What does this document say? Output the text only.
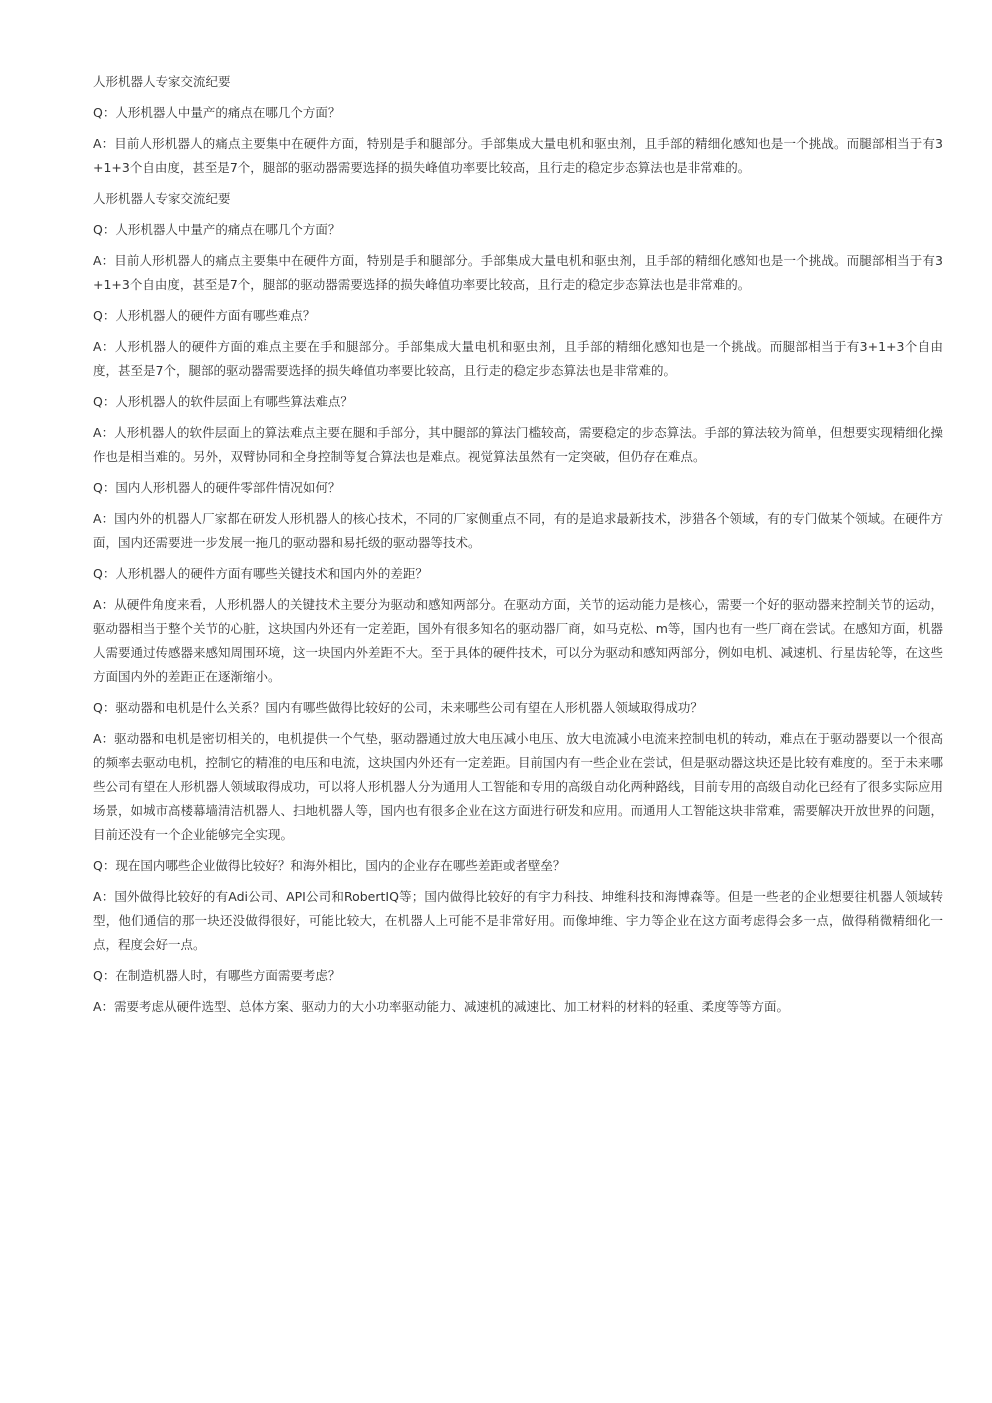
人形机器人专家交流纪要

Q：人形机器人中量产的痛点在哪几个方面？

A：目前人形机器人的痛点主要集中在硬件方面，特别是手和腿部分。手部集成大量电机和驱虫剂，且手部的精细化感知也是一个挑战。而腿部相当于有3+1+3个自由度，甚至是7个，腿部的驱动器需要选择的损失峰值功率要比较高，且行走的稳定步态算法也是非常难的。

人形机器人专家交流纪要

Q：人形机器人中量产的痛点在哪几个方面？

A：目前人形机器人的痛点主要集中在硬件方面，特别是手和腿部分。手部集成大量电机和驱虫剂，且手部的精细化感知也是一个挑战。而腿部相当于有3+1+3个自由度，甚至是7个，腿部的驱动器需要选择的损失峰值功率要比较高，且行走的稳定步态算法也是非常难的。

Q：人形机器人的硬件方面有哪些难点？

A：人形机器人的硬件方面的难点主要在手和腿部分。手部集成大量电机和驱虫剂，且手部的精细化感知也是一个挑战。而腿部相当于有3+1+3个自由度，甚至是7个，腿部的驱动器需要选择的损失峰值功率要比较高，且行走的稳定步态算法也是非常难的。

Q：人形机器人的软件层面上有哪些算法难点？

A：人形机器人的软件层面上的算法难点主要在腿和手部分，其中腿部的算法门槛较高，需要稳定的步态算法。手部的算法较为简单，但想要实现精细化操作也是相当难的。另外，双臂协同和全身控制等复合算法也是难点。视觉算法虽然有一定突破，但仍存在难点。

Q：国内人形机器人的硬件零部件情况如何？

A：国内外的机器人厂家都在研发人形机器人的核心技术，不同的厂家侧重点不同，有的是追求最新技术，涉猎各个领域，有的专门做某个领域。在硬件方面，国内还需要进一步发展一拖几的驱动器和易托级的驱动器等技术。

Q：人形机器人的硬件方面有哪些关键技术和国内外的差距？

A：从硬件角度来看，人形机器人的关键技术主要分为驱动和感知两部分。在驱动方面，关节的运动能力是核心，需要一个好的驱动器来控制关节的运动，驱动器相当于整个关节的心脏，这块国内外还有一定差距，国外有很多知名的驱动器厂商，如马克松、m等，国内也有一些厂商在尝试。在感知方面，机器人需要通过传感器来感知周围环境，这一块国内外差距不大。至于具体的硬件技术，可以分为驱动和感知两部分，例如电机、减速机、行星齿轮等，在这些方面国内外的差距正在逐渐缩小。

Q：驱动器和电机是什么关系？国内有哪些做得比较好的公司，未来哪些公司有望在人形机器人领域取得成功？

A：驱动器和电机是密切相关的，电机提供一个气垫，驱动器通过放大电压减小电压、放大电流减小电流来控制电机的转动，难点在于驱动器要以一个很高的频率去驱动电机，控制它的精准的电压和电流，这块国内外还有一定差距。目前国内有一些企业在尝试，但是驱动器这块还是比较有难度的。至于未来哪些公司有望在人形机器人领域取得成功，可以将人形机器人分为通用人工智能和专用的高级自动化两种路线，目前专用的高级自动化已经有了很多实际应用场景，如城市高楼幕墙清洁机器人、扫地机器人等，国内也有很多企业在这方面进行研发和应用。而通用人工智能这块非常难，需要解决开放世界的问题，目前还没有一个企业能够完全实现。

Q：现在国内哪些企业做得比较好？和海外相比，国内的企业存在哪些差距或者壁垒？

A：国外做得比较好的有Adi公司、API公司和RobertIQ等；国内做得比较好的有宇力科技、坤维科技和海博森等。但是一些老的企业想要往机器人领域转型，他们通信的那一块还没做得很好，可能比较大，在机器人上可能不是非常好用。而像坤维、宇力等企业在这方面考虑得会多一点，做得稍微精细化一点，程度会好一点。

Q：在制造机器人时，有哪些方面需要考虑？

A：需要考虑从硬件选型、总体方案、驱动力的大小功率驱动能力、减速机的减速比、加工材料的材料的轻重、柔度等等方面。
